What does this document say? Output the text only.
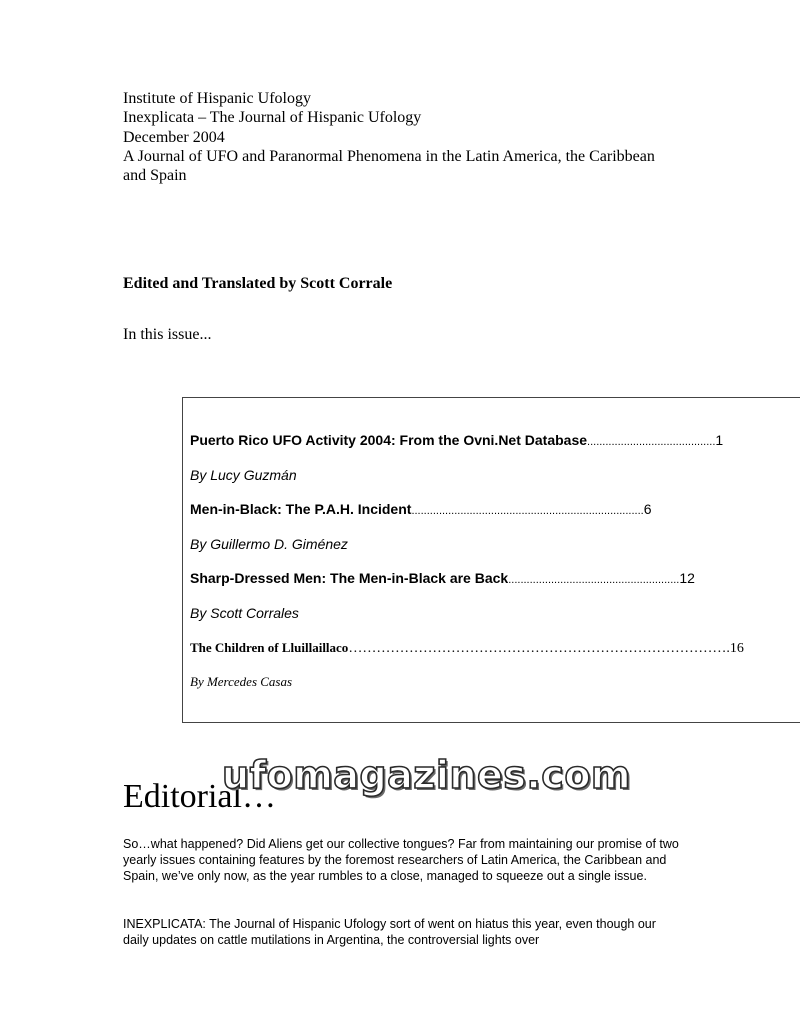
Institute of Hispanic Ufology
Inexplicata – The Journal of Hispanic Ufology
December 2004
A Journal of UFO and Paranormal Phenomena in the Latin America, the Caribbean
and Spain
Edited and Translated by Scott Corrale
In this issue...
Puerto Rico UFO Activity 2004: From the Ovni.Net Database..........................................1
By Lucy Guzmán
Men-in-Black: The P.A.H. Incident............................................................................6
By Guillermo D. Giménez
Sharp-Dressed Men: The Men-in-Black are Back........................................................12
By Scott Corrales
The Children of Lluillaillaco……………………………………………………………………….16
By Mercedes Casas
Editorial…
ufomagazines.com

So…what happened? Did Aliens get our collective tongues? Far from maintaining our promise of two yearly issues containing features by the foremost researchers of Latin America, the Caribbean and Spain, we’ve only now, as the year rumbles to a close, managed to squeeze out a single issue.

INEXPLICATA: The Journal of Hispanic Ufology sort of went on hiatus this year, even though our daily updates on cattle mutilations in Argentina, the controversial lights over
